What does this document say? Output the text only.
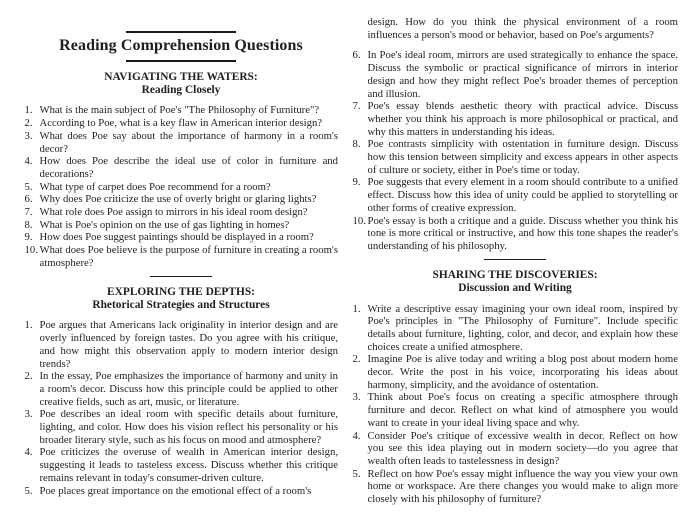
Reading Comprehension Questions
NAVIGATING THE WATERS:
Reading Closely
1. What is the main subject of Poe's "The Philosophy of Furniture"?
2. According to Poe, what is a key flaw in American interior design?
3. What does Poe say about the importance of harmony in a room's decor?
4. How does Poe describe the ideal use of color in furniture and decorations?
5. What type of carpet does Poe recommend for a room?
6. Why does Poe criticize the use of overly bright or glaring lights?
7. What role does Poe assign to mirrors in his ideal room design?
8. What is Poe's opinion on the use of gas lighting in homes?
9. How does Poe suggest paintings should be displayed in a room?
10. What does Poe believe is the purpose of furniture in creating a room's atmosphere?
EXPLORING THE DEPTHS:
Rhetorical Strategies and Structures
1. Poe argues that Americans lack originality in interior design and are overly influenced by foreign tastes. Do you agree with his critique, and how might this observation apply to modern interior design trends?
2. In the essay, Poe emphasizes the importance of harmony and unity in a room's decor. Discuss how this principle could be applied to other creative fields, such as art, music, or literature.
3. Poe describes an ideal room with specific details about furniture, lighting, and color. How does his vision reflect his personality or his broader literary style, such as his focus on mood and atmosphere?
4. Poe criticizes the overuse of wealth in American interior design, suggesting it leads to tasteless excess. Discuss whether this critique remains relevant in today's consumer-driven culture.
5. Poe places great importance on the emotional effect of a room's
design. How do you think the physical environment of a room influences a person's mood or behavior, based on Poe's arguments?
6. In Poe's ideal room, mirrors are used strategically to enhance the space. Discuss the symbolic or practical significance of mirrors in interior design and how they might reflect Poe's broader themes of perception and illusion.
7. Poe's essay blends aesthetic theory with practical advice. Discuss whether you think his approach is more philosophical or practical, and why this matters in understanding his ideas.
8. Poe contrasts simplicity with ostentation in furniture design. Discuss how this tension between simplicity and excess appears in other aspects of culture or society, either in Poe's time or today.
9. Poe suggests that every element in a room should contribute to a unified effect. Discuss how this idea of unity could be applied to storytelling or other forms of creative expression.
10. Poe's essay is both a critique and a guide. Discuss whether you think his tone is more critical or instructive, and how this tone shapes the reader's understanding of his philosophy.
SHARING THE DISCOVERIES:
Discussion and Writing
1. Write a descriptive essay imagining your own ideal room, inspired by Poe's principles in "The Philosophy of Furniture". Include specific details about furniture, lighting, color, and decor, and explain how these choices create a unified atmosphere.
2. Imagine Poe is alive today and writing a blog post about modern home decor. Write the post in his voice, incorporating his ideas about harmony, simplicity, and the avoidance of ostentation.
3. Think about Poe's focus on creating a specific atmosphere through furniture and decor. Reflect on what kind of atmosphere you would want to create in your ideal living space and why.
4. Consider Poe's critique of excessive wealth in decor. Reflect on how you see this idea playing out in modern society—do you agree that wealth often leads to tastelessness in design?
5. Reflect on how Poe's essay might influence the way you view your own home or workspace. Are there changes you would make to align more closely with his philosophy of furniture?
